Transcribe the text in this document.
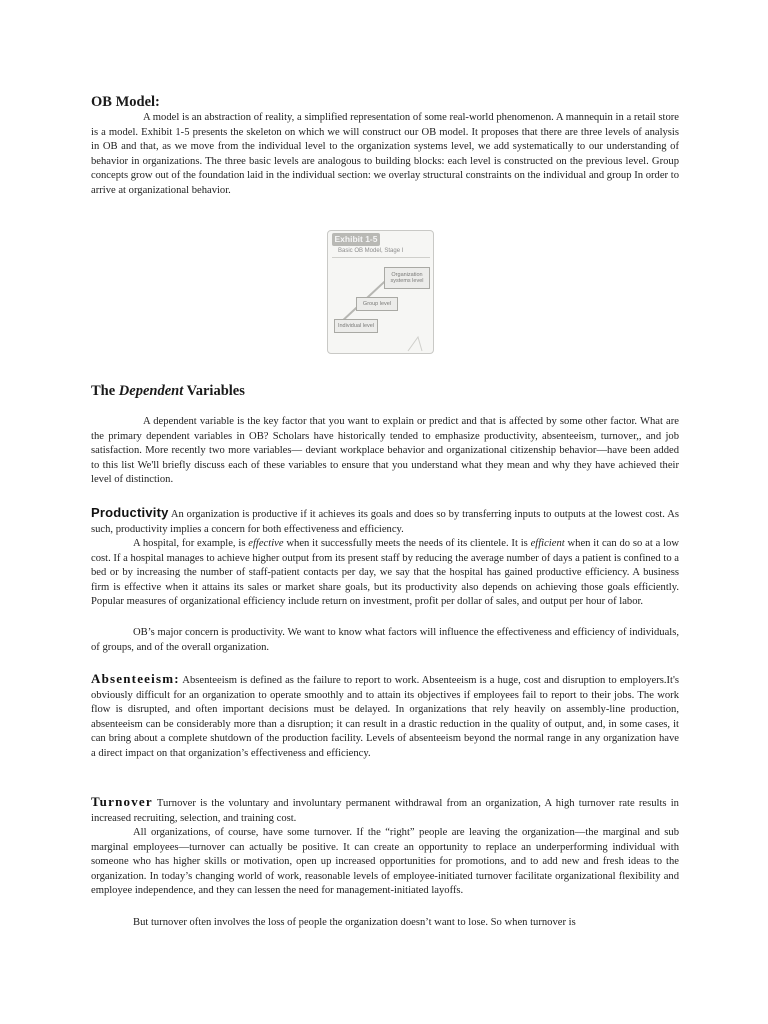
OB Model:

A model is an abstraction of reality, a simplified representation of some real-world phenomenon. A mannequin in a retail store is a model. Exhibit 1-5 presents the skeleton on which we will construct our OB model. It proposes that there are three levels of analysis in OB and that, as we move from the individual level to the organization systems level, we add systematically to our understanding of behavior in organizations. The three basic levels are analogous to building blocks: each level is constructed on the previous level. Group concepts grow out of the foundation laid in the individual section: we overlay structural constraints on the individual and group In order to arrive at organizational behavior.

Exhibit 1-5
Basic OB Model, Stage I
Organization systems level
Group level
Individual level
The Dependent Variables

A dependent variable is the key factor that you want to explain or predict and that is affected by some other factor. What are the primary dependent variables in OB? Scholars have historically tended to emphasize productivity, absenteeism, turnover,, and job satisfaction. More recently two more variables— deviant workplace behavior and organizational citizenship behavior—have been added to this list We'll briefly discuss each of these variables to ensure that you understand what they mean and why they have achieved their level of distinction.

Productivity An organization is productive if it achieves its goals and does so by transferring inputs to outputs at the lowest cost. As such, productivity implies a concern for both effectiveness and efficiency.

A hospital, for example, is effective when it successfully meets the needs of its clientele. It is efficient when it can do so at a low cost. If a hospital manages to achieve higher output from its present staff by reducing the average number of days a patient is confined to a bed or by increasing the number of staff-patient contacts per day, we say that the hospital has gained productive efficiency. A business firm is effective when it attains its sales or market share goals, but its productivity also depends on achieving those goals efficiently. Popular measures of organizational efficiency include return on investment, profit per dollar of sales, and output per hour of labor.

OB’s major concern is productivity. We want to know what factors will influence the effectiveness and efficiency of individuals, of groups, and of the overall organization.

Absenteeism: Absenteeism is defined as the failure to report to work. Absenteeism is a huge, cost and disruption to employers.It's obviously difficult for an organization to operate smoothly and to attain its objectives if employees fail to report to their jobs. The work flow is disrupted, and often important decisions must be delayed. In organizations that rely heavily on assembly-line production, absenteeism can be considerably more than a disruption; it can result in a drastic reduction in the quality of output, and, in some cases, it can bring about a complete shutdown of the production facility. Levels of absenteeism beyond the normal range in any organization have a direct impact on that organization’s effectiveness and efficiency.

Turnover Turnover is the voluntary and involuntary permanent withdrawal from an organization, A high turnover rate results in increased recruiting, selection, and training cost.

All organizations, of course, have some turnover. If the “right” people are leaving the organization—the marginal and sub marginal employees—turnover can actually be positive. It can create an opportunity to replace an underperforming individual with someone who has higher skills or motivation, open up increased opportunities for promotions, and to add new and fresh ideas to the organization. In today’s changing world of work, reasonable levels of employee-initiated turnover facilitate organizational flexibility and employee independence, and they can lessen the need for management-initiated layoffs.

But turnover often involves the loss of people the organization doesn’t want to lose. So when turnover is
